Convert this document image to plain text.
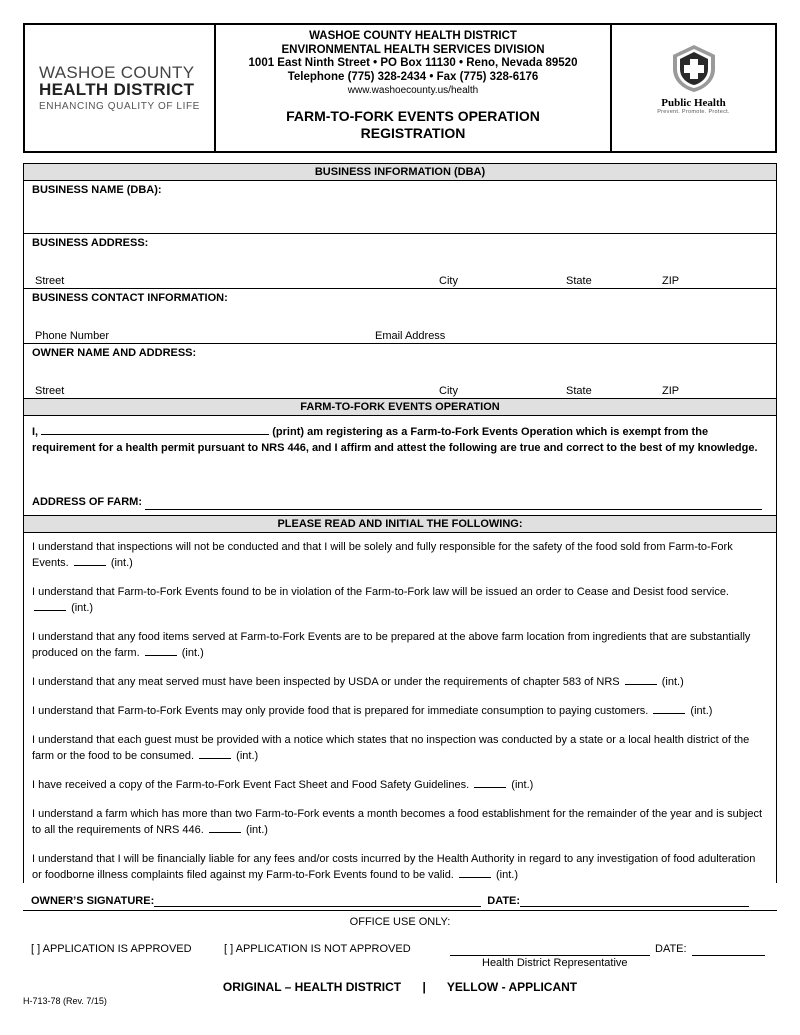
WASHOE COUNTY
HEALTH DISTRICT
ENHANCING QUALITY OF LIFE
WASHOE COUNTY HEALTH DISTRICT
ENVIRONMENTAL HEALTH SERVICES DIVISION
1001 East Ninth Street • PO Box 11130 • Reno, Nevada 89520
Telephone (775) 328-2434 • Fax (775) 328-6176
www.washoecounty.us/health
FARM-TO-FORK EVENTS OPERATION
REGISTRATION
Public Health
Prevent. Promote. Protect.
BUSINESS INFORMATION (DBA)
BUSINESS NAME (DBA):
BUSINESS ADDRESS:
Street	City	State	ZIP
BUSINESS CONTACT INFORMATION:
Phone Number	Email Address
OWNER NAME AND ADDRESS:
Street	City	State	ZIP
FARM-TO-FORK EVENTS OPERATION
I,	(print) am registering as a Farm-to-Fork Events Operation which is exempt from the requirement for a health permit pursuant to NRS 446, and I affirm and attest the following are true and correct to the best of my knowledge.
ADDRESS OF FARM:
PLEASE READ AND INITIAL THE FOLLOWING:
I understand that inspections will not be conducted and that I will be solely and fully responsible for the safety of the food sold from Farm-to-Fork Events.	(int.)
I understand that Farm-to-Fork Events found to be in violation of the Farm-to-Fork law will be issued an order to Cease and Desist food service.  (int.)
I understand that any food items served at Farm-to-Fork Events are to be prepared at the above farm location from ingredients that are substantially produced on the farm.	(int.)
I understand that any meat served must have been inspected by USDA or under the requirements of chapter 583 of NRS	(int.)
I understand that Farm-to-Fork Events may only provide food that is prepared for immediate consumption to paying customers.	(int.)
I understand that each guest must be provided with a notice which states that no inspection was conducted by a state or a local health district of the farm or the food to be consumed.	(int.)
I have received a copy of the Farm-to-Fork Event Fact Sheet and Food Safety Guidelines.	(int.)
I understand a farm which has more than two Farm-to-Fork events a month becomes a food establishment for the remainder of the year and is subject to all the requirements of NRS 446.	(int.)
I understand that I will be financially liable for any fees and/or costs incurred by the Health Authority in regard to any investigation of food adulteration or foodborne illness complaints filed against my Farm-to-Fork Events found to be valid.	(int.)
OWNER’S SIGNATURE:	DATE:
OFFICE USE ONLY:
[ ] APPLICATION IS APPROVED	[ ] APPLICATION IS NOT APPROVED	DATE:
Health District Representative
ORIGINAL – HEALTH DISTRICT | YELLOW - APPLICANT
H-713-78 (Rev. 7/15)
